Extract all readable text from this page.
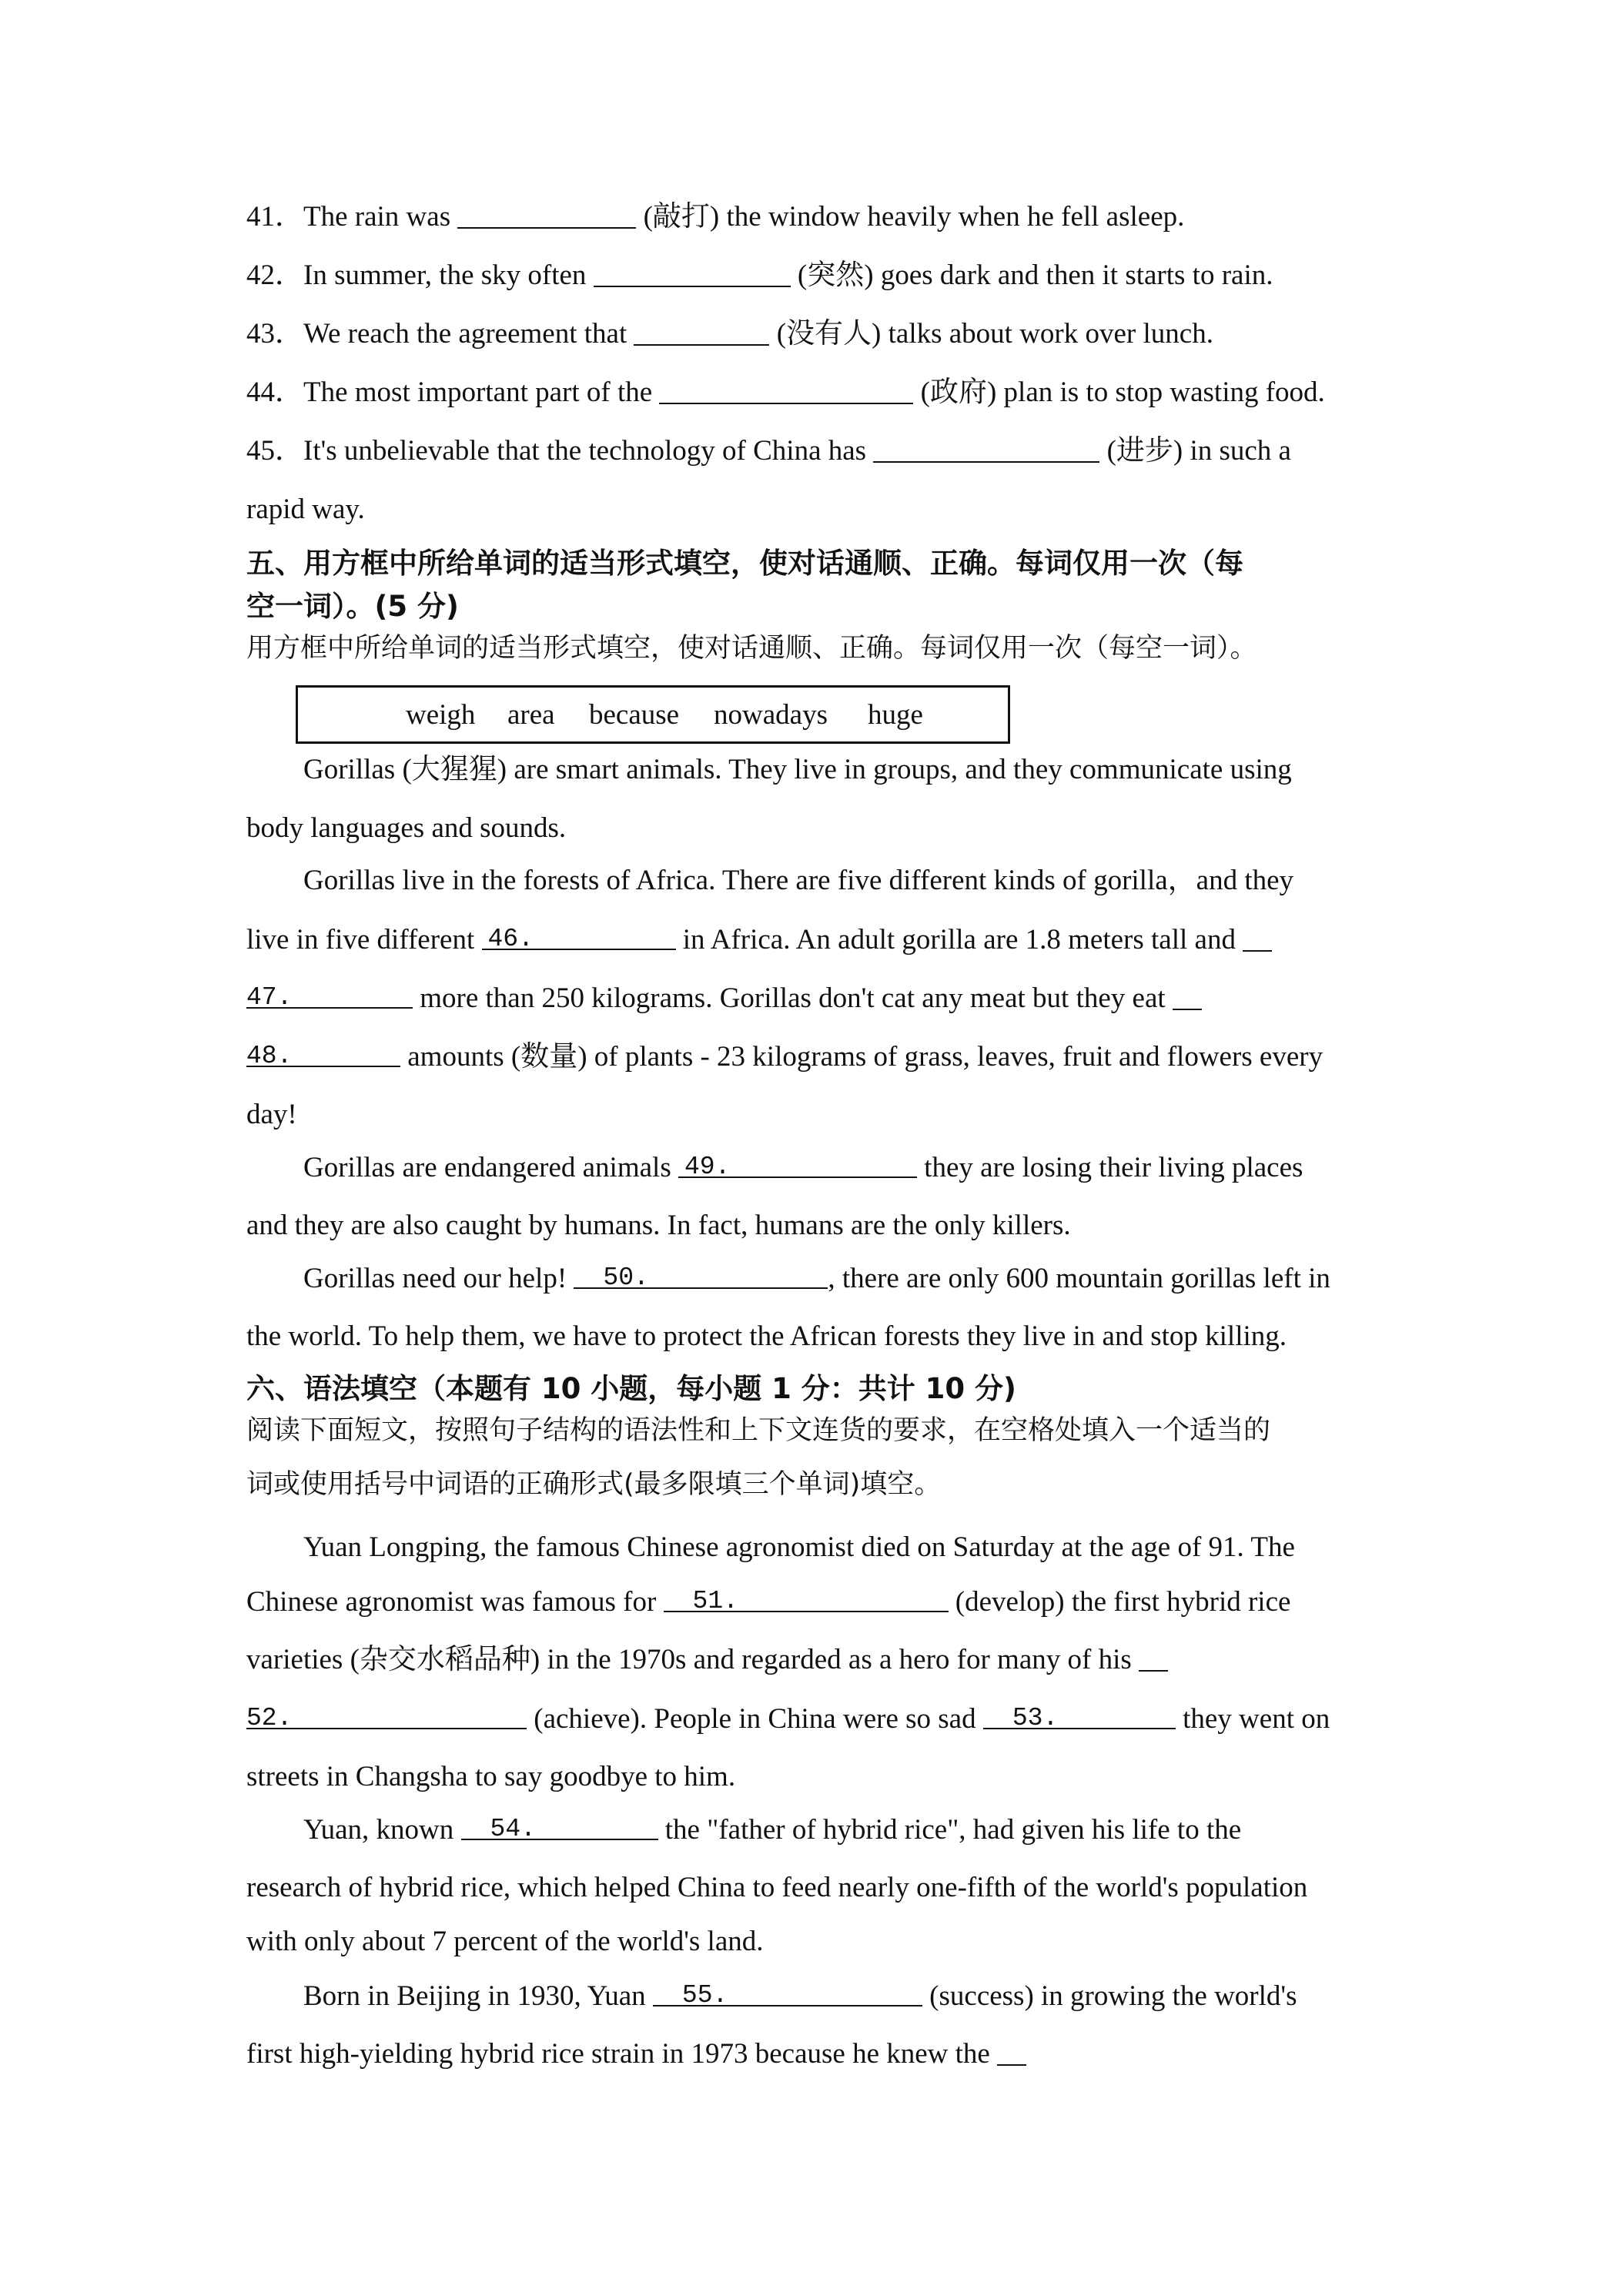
41．The rain was	(敲打) the window heavily when he fell asleep.
42．In summer, the sky often	(突然) goes dark and then it starts to rain.
43．We reach the agreement that	(没有人) talks about work over lunch.
44．The most important part of the	(政府) plan is to stop wasting food.
45．It's unbelievable that the technology of China has	(进步) in such a
rapid way.
五、用方框中所给单词的适当形式填空，使对话通顺、正确。每词仅用一次（每
空一词）。(5 分)
用方框中所给单词的适当形式填空，使对话通顺、正确。每词仅用一次（每空一词）。
weigh area because nowadays huge
Gorillas (大猩猩) are smart animals. They live in groups, and they communicate using
body languages and sounds.
Gorillas live in the forests of Africa. There are five different kinds of gorilla，and they
live in five different 46.	in Africa. An adult gorilla are 1.8 meters tall and
47.	more than 250 kilograms. Gorillas don't cat any meat but they eat
48.	amounts (数量) of plants - 23 kilograms of grass, leaves, fruit and flowers every
day!
Gorillas are endangered animals 49.	they are losing their living places
and they are also caught by humans. In fact, humans are the only killers.
Gorillas need our help! 50.	, there are only 600 mountain gorillas left in
the world. To help them, we have to protect the African forests they live in and stop killing.
六、语法填空（本题有 10 小题，每小题 1 分：共计 10 分)
阅读下面短文，按照句子结构的语法性和上下文连货的要求，在空格处填入一个适当的
词或使用括号中词语的正确形式(最多限填三个单词)填空。
Yuan Longping, the famous Chinese agronomist died on Saturday at the age of 91. The
Chinese agronomist was famous for 51.	(develop) the first hybrid rice
varieties (杂交水稻品种) in the 1970s and regarded as a hero for many of his
52.	(achieve). People in China were so sad 53.	they went on
streets in Changsha to say goodbye to him.
Yuan, known 54.	the "father of hybrid rice", had given his life to the
research of hybrid rice, which helped China to feed nearly one-fifth of the world's population
with only about 7 percent of the world's land.
Born in Beijing in 1930, Yuan 55.	(success) in growing the world's
first high-yielding hybrid rice strain in 1973 because he knew the
